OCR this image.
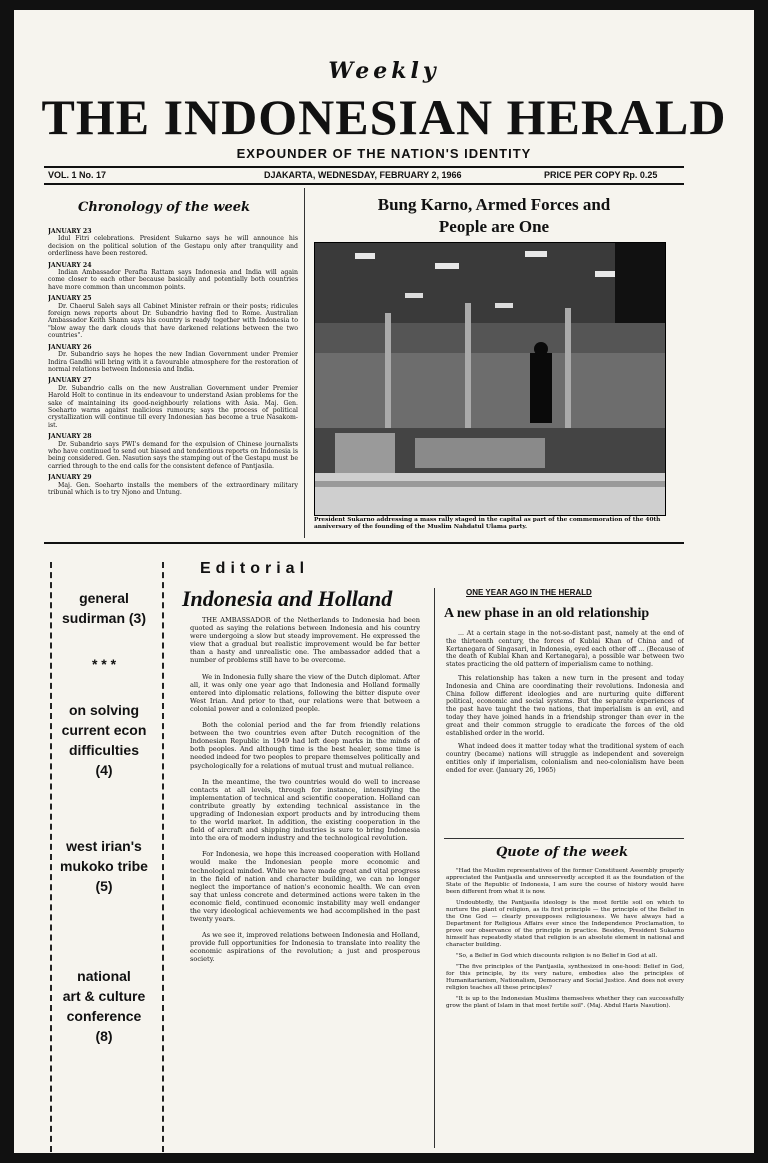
Weekly
THE INDONESIAN HERALD
EXPOUNDER OF THE NATION'S IDENTITY
VOL. 1 No. 17	DJAKARTA, WEDNESDAY, FEBRUARY 2, 1966	PRICE PER COPY Rp. 0.25
Chronology of the week
JANUARY 23
Idul Fitri celebrations. President Sukarno says he will announce his decision on the political solution of the Gestapu only after tranquility and orderliness have been restored.
JANUARY 24
Indian Ambassador Perafta Rattam says Indonesia and India will again come closer to each other because basically and potentially both countries have more common than uncommon points.
JANUARY 25
Dr. Chaerul Saleh says all Cabinet Minister refrain or their posts; ridicules foreign news reports about Dr. Subandrio having fled to Rome. Australian Ambassador Keith Shann says his country is ready together with Indonesia to "blow away the dark clouds that have darkened relations between the two countries".
JANUARY 26
Dr. Subandrio says he hopes the new Indian Government under Premier Indira Gandhi will bring with it a favourable atmosphere for the restoration of normal relations between Indonesia and India.
JANUARY 27
Dr. Subandrio calls on the new Australian Government under Premier Harold Holt to continue in its endeavour to understand Asian problems for the sake of maintaining its good-neighbourly relations with Asia. Maj. Gen. Soeharto warns against malicious rumours; says the process of political crystallization will continue till every Indonesian has become a true Nasakom-ist.
JANUARY 28
Dr. Subandrio says PWI's demand for the expulsion of Chinese journalists who have continued to send out biased and tendentious reports on Indonesia is being considered. Gen. Nasution says the stamping out of the Gestapu must be carried through to the end calls for the consistent defence of Pantjasila.
JANUARY 29
Maj. Gen. Soeharto installs the members of the extraordinary military tribunal which is to try Njono and Untung.
Bung Karno, Armed Forces and
People are One
President Sukarno addressing a mass rally staged in the capital as part of the commemoration of the 40th anniversary of the founding of the Muslim Nahdatul Ulama party.
general
sudirman (3)
* * *
on solving
current econ
difficulties
(4)
west irian's
mukoko tribe
(5)
national
art & culture
conference
(8)
Editorial
Indonesia and Holland

THE AMBASSADOR of the Netherlands to Indonesia had been quoted as saying the relations between Indonesia and his country were undergoing a slow but steady improvement. He expressed the view that a gradual but realistic improvement would be far better than a hasty and unrealistic one. The ambassador added that a number of problems still have to be overcome.

We in Indonesia fully share the view of the Dutch diplomat. After all, it was only one year ago that Indonesia and Holland formally entered into diplomatic relations, following the bitter dispute over West Irian. And prior to that, our relations were that between a colonial power and a colonized people.

Both the colonial period and the far from friendly relations between the two countries even after Dutch recognition of the Indonesian Republic in 1949 had left deep marks in the minds of both peoples. And although time is the best healer, some time is needed indeed for two peoples to prepare themselves politically and psychologically for a relations of mutual trust and mutual reliance.

In the meantime, the two countries would do well to increase contacts at all levels, through for instance, intensifying the implementation of technical and scientific cooperation. Holland can contribute greatly by extending technical assistance in the upgrading of Indonesian export products and by introducing them to the world market. In addition, the existing cooperation in the field of aircraft and shipping industries is sure to bring Indonesia into the era of modern industry and the technological revolution.

For Indonesia, we hope this increased cooperation with Holland would make the Indonesian people more economic and technological minded. While we have made great and vital progress in the field of nation and character building, we can no longer neglect the importance of nation's economic health. We can even say that unless concrete and determined actions were taken in the economic field, continued economic instability may well endanger the very ideological achievements we had accomplished in the past twenty years.

As we see it, improved relations between Indonesia and Holland, provide full opportunities for Indonesia to translate into reality the economic aspirations of the revolution; a just and prosperous society.

ONE YEAR AGO IN THE HERALD
A new phase in an old relationship

... At a certain stage in the not-so-distant past, namely at the end of the thirteenth century, the forces of Kublai Khan of China and of Kertanegara of Singasari, in Indonesia, eyed each other off ... (Because of the death of Kublai Khan and Kertanegara), a possible war between two states practicing the old pattern of imperialism came to nothing.

This relationship has taken a new turn in the present and today Indonesia and China are coordinating their revolutions. Indonesia and China follow different ideologies and are nurturing quite different political, economic and social systems. But the separate experiences of the past have taught the two nations, that imperialism is an evil, and today they have joined hands in a friendship stronger than ever in the great and their common struggle to eradicate the forces of the old established order in the world.

What indeed does it matter today what the traditional system of each country (became) nations will struggle as independent and sovereign entities only if imperialism, colonialism and neo-colonialism have been ended for ever. (January 26, 1965)

Quote of the week

"Had the Muslim representatives of the former Constituent Assembly properly appreciated the Pantjasila and unreservedly accepted it as the foundation of the State of the Republic of Indonesia, I am sure the course of history would have been different from what it is now.

Undoubtedly, the Pantjasila ideology is the most fertile soil on which to nurture the plant of religion, as its first principle — the principle of the Belief in the One God — clearly presupposes religiousness. We have always had a Department for Religious Affairs ever since the Independence Proclamation, to prove our observance of the principle in practice. Besides, President Sukarno himself has repeatedly stated that religion is an absolute element in national and character building.

"So, a Belief in God which discounts religion is no Belief in God at all.

"The five principles of the Pantjasila, synthesized in one-hood: Belief in God, for this principle, by its very nature, embodies also the principles of Humanitarianism, Nationalism, Democracy and Social Justice. And does not every religion teaches all these principles?

"It is up to the Indonesian Muslims themselves whether they can successfully grow the plant of Islam in that most fertile soil". (Maj. Abdul Haris Nasution).
